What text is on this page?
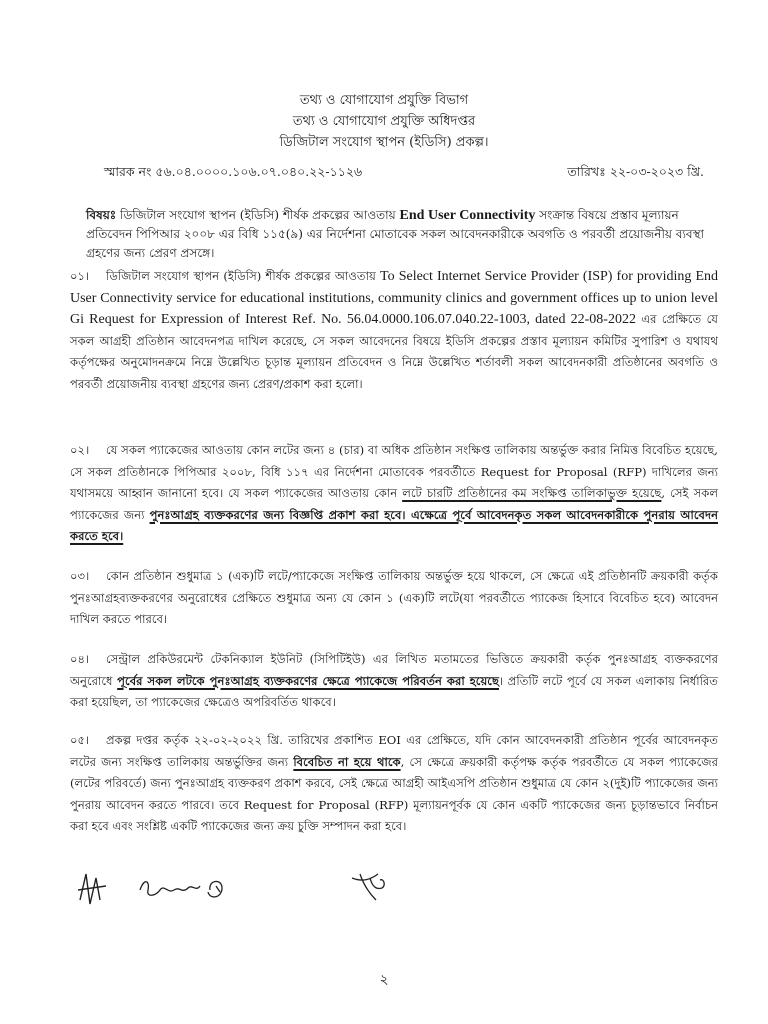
তথ্য ও যোগাযোগ প্রযুক্তি বিভাগ
তথ্য ও যোগাযোগ প্রযুক্তি অধিদপ্তর
ডিজিটাল সংযোগ স্থাপন (ইডিসি) প্রকল্প।
স্মারক নং ৫৬.০৪.০০০০.১০৬.০৭.০৪০.২২-১১২৬	তারিখঃ ২২-০৩-২০২৩ খ্রি.
বিষয়ঃ ডিজিটাল সংযোগ স্থাপন (ইডিসি) শীর্ষক প্রকল্পের আওতায় End User Connectivity সংক্রান্ত বিষয়ে প্রস্তাব মূল্যায়ন প্রতিবেদন পিপিআর ২০০৮ এর বিধি ১১৫(৯) এর নির্দেশনা মোতাবেক সকল আবেদনকারীকে অবগতি ও পরবর্তী প্রয়োজনীয় ব্যবস্থা গ্রহণের জন্য প্রেরণ প্রসঙ্গে।
০১। ডিজিটাল সংযোগ স্থাপন (ইডিসি) শীর্ষক প্রকল্পের আওতায় To Select Internet Service Provider (ISP) for providing End User Connectivity service for educational institutions, community clinics and government offices up to union level Gi Request for Expression of Interest Ref. No. 56.04.0000.106.07.040.22-1003, dated 22-08-2022 এর প্রেক্ষিতে যে সকল আগ্রহী প্রতিষ্ঠান আবেদনপত্র দাখিল করেছে, সে সকল আবেদনের বিষয়ে ইডিসি প্রকল্পের প্রস্তাব মূল্যায়ন কমিটির সুপারিশ ও যথাযথ কর্তৃপক্ষের অনুমোদনক্রমে নিম্নে উল্লেখিত চূড়ান্ত মূল্যায়ন প্রতিবেদন ও নিম্নে উল্লেখিত শর্তাবলী সকল আবেদনকারী প্রতিষ্ঠানের অবগতি ও পরবর্তী প্রয়োজনীয় ব্যবস্থা গ্রহণের জন্য প্রেরণ/প্রকাশ করা হলো।
০২। যে সকল প্যাকেজের আওতায় কোন লটের জন্য ৪ (চার) বা অধিক প্রতিষ্ঠান সংক্ষিপ্ত তালিকায় অন্তর্ভুক্ত করার নিমিত্ত বিবেচিত হয়েছে, সে সকল প্রতিষ্ঠানকে পিপিআর ২০০৮, বিধি ১১৭ এর নির্দেশনা মোতাবেক পরবর্তীতে Request for Proposal (RFP) দাখিলের জন্য যথাসময়ে আহ্বান জানানো হবে। যে সকল প্যাকেজের আওতায় কোন লটে চারটি প্রতিষ্ঠানের কম সংক্ষিপ্ত তালিকাভুক্ত হয়েছে, সেই সকল প্যাকেজের জন্য পুনঃআগ্রহ ব্যক্তকরণের জন্য বিজ্ঞপ্তি প্রকাশ করা হবে। এক্ষেত্রে পূর্বে আবেদনকৃত সকল আবেদনকারীকে পুনরায় আবেদন করতে হবে।
০৩। কোন প্রতিষ্ঠান শুধুমাত্র ১ (এক)টি লটে/প্যাকেজে সংক্ষিপ্ত তালিকায় অন্তর্ভুক্ত হয়ে থাকলে, সে ক্ষেত্রে এই প্রতিষ্ঠানটি ক্রয়কারী কর্তৃক পুনঃআগ্রহব্যক্তকরণের অনুরোধের প্রেক্ষিতে শুধুমাত্র অন্য যে কোন ১ (এক)টি লটে(যা পরবর্তীতে প্যাকেজ হিসাবে বিবেচিত হবে) আবেদন দাখিল করতে পারবে।
০৪। সেন্ট্রাল প্রকিউরমেন্ট টেকনিক্যাল ইউনিট (সিপিটিইউ) এর লিখিত মতামতের ভিত্তিতে ক্রয়কারী কর্তৃক পুনঃআগ্রহ ব্যক্তকরণের অনুরোধে পূর্বের সকল লটকে পুনঃআগ্রহ ব্যক্তকরণের ক্ষেত্রে প্যাকেজে পরিবর্তন করা হয়েছে। প্রতিটি লটে পূর্বে যে সকল এলাকায় নির্ধারিত করা হয়েছিল, তা প্যাকেজের ক্ষেত্রেও অপরিবর্তিত থাকবে।
০৫। প্রকল্প দপ্তর কর্তৃক ২২-০২-২০২২ খ্রি. তারিখের প্রকাশিত EOI এর প্রেক্ষিতে, যদি কোন আবেদনকারী প্রতিষ্ঠান পূর্বের আবেদনকৃত লটের জন্য সংক্ষিপ্ত তালিকায় অন্তর্ভুক্তির জন্য বিবেচিত না হয়ে থাকে, সে ক্ষেত্রে ক্রয়কারী কর্তৃপক্ষ কর্তৃক পরবর্তীতে যে সকল প্যাকেজের (লটের পরিবর্তে) জন্য পুনঃআগ্রহ ব্যক্তকরণ প্রকাশ করবে, সেই ক্ষেত্রে আগ্রহী আইএসপি প্রতিষ্ঠান শুধুমাত্র যে কোন ২(দুই)টি প্যাকেজের জন্য পুনরায় আবেদন করতে পারবে। তবে Request for Proposal (RFP) মূল্যায়নপূর্বক যে কোন একটি প্যাকেজের জন্য চূড়ান্তভাবে নির্বাচন করা হবে এবং সংশ্লিষ্ট একটি প্যাকেজের জন্য ক্রয় চুক্তি সম্পাদন করা হবে।
২
